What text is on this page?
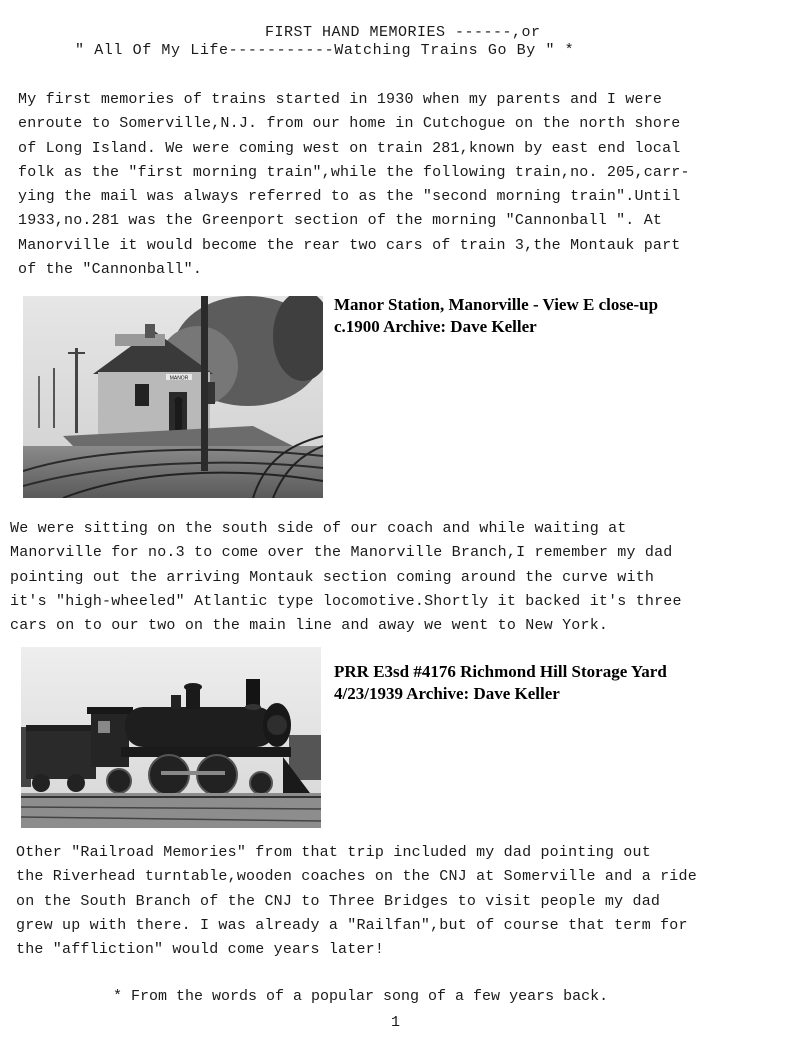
FIRST HAND MEMORIES ------,or
" All Of My Life-----------Watching Trains Go By " *
My first memories of trains started in 1930 when my parents and I were
enroute to Somerville,N.J. from our home in Cutchogue on the north shore
of Long Island. We were coming west on train 281,known by east end local
folk as the "first morning train",while the following train,no. 205,carr-
ying the mail was always referred to as the "second morning train".Until
1933,no.281 was the Greenport section of the morning "Cannonball ". At
Manorville it would become the rear two cars of train 3,the Montauk part
of the "Cannonball".
MANOR
Manor Station, Manorville - View E close-up
c.1900 Archive: Dave Keller
We were sitting on the south side of our coach and while waiting at
Manorville for no.3 to come over the Manorville Branch,I remember my dad
pointing out the arriving Montauk section coming around the curve with
it's "high-wheeled" Atlantic type locomotive.Shortly it backed it's three
cars on to our two on the main line and away we went to New York.
PRR E3sd #4176 Richmond Hill Storage Yard
4/23/1939 Archive: Dave Keller
Other "Railroad Memories" from that trip included my dad pointing out
the Riverhead turntable,wooden coaches on the CNJ at Somerville and a ride
on the South Branch of the CNJ to Three Bridges to visit people my dad
grew up with there. I was already a "Railfan",but of course that term for
the "affliction" would come years later!
* From the words of a popular song of a few years back.
1
